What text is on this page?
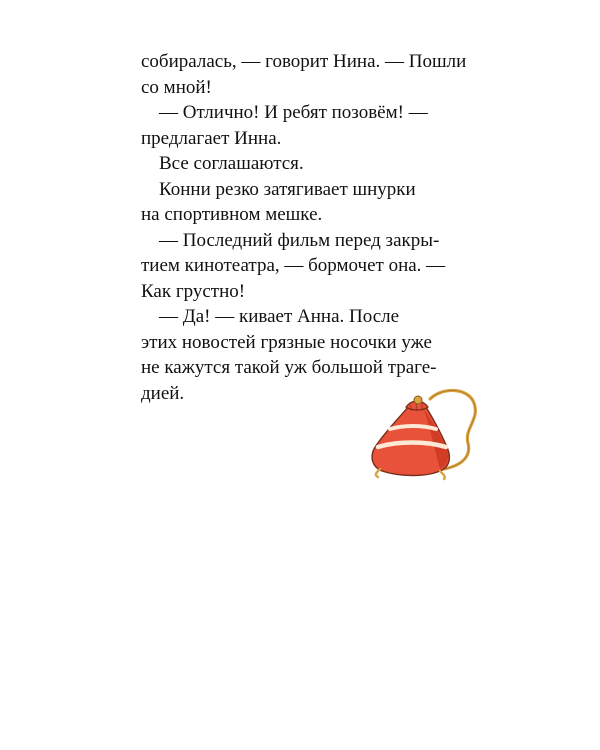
собиралась, — говорит Нина. — Пошли
со мной!
— Отлично! И ребят позовём! —
предлагает Инна.
Все соглашаются.
Конни резко затягивает шнурки
на спортивном мешке.
— Последний фильм перед закры-
тием кинотеатра, — бормочет она. —
Как грустно!
— Да! — кивает Анна. После
этих новостей грязные носочки уже
не кажутся такой уж большой траге-
дией.
